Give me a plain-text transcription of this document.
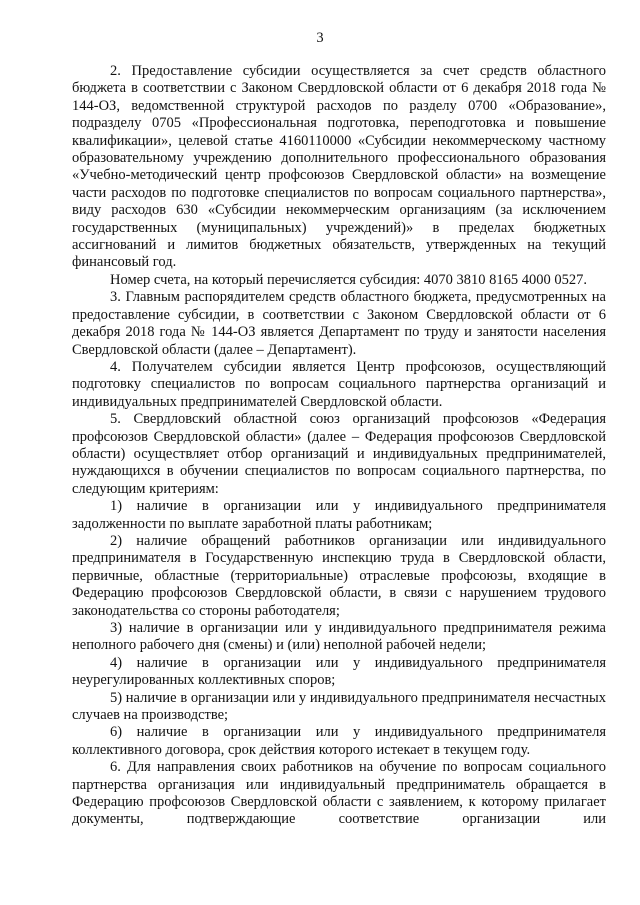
3

2. Предоставление субсидии осуществляется за счет средств областного бюджета в соответствии с Законом Свердловской области от 6 декабря 2018 года № 144-ОЗ, ведомственной структурой расходов по разделу 0700 «Образование», подразделу 0705 «Профессиональная подготовка, переподготовка и повышение квалификации», целевой статье 4160110000 «Субсидии некоммерческому частному образовательному учреждению дополнительного профессионального образования «Учебно-методический центр профсоюзов Свердловской области» на возмещение части расходов по подготовке специалистов по вопросам социального партнерства», виду расходов 630 «Субсидии некоммерческим организациям (за исключением государственных (муниципальных) учреждений)» в пределах бюджетных ассигнований и лимитов бюджетных обязательств, утвержденных на текущий финансовый год.

Номер счета, на который перечисляется субсидия: 4070 3810 8165 4000 0527.

3. Главным распорядителем средств областного бюджета, предусмотренных на предоставление субсидии, в соответствии с Законом Свердловской области от 6 декабря 2018 года № 144-ОЗ является Департамент по труду и занятости населения Свердловской области (далее – Департамент).

4. Получателем субсидии является Центр профсоюзов, осуществляющий подготовку специалистов по вопросам социального партнерства организаций и индивидуальных предпринимателей Свердловской области.

5. Свердловский областной союз организаций профсоюзов «Федерация профсоюзов Свердловской области» (далее – Федерация профсоюзов Свердловской области) осуществляет отбор организаций и индивидуальных предпринимателей, нуждающихся в обучении специалистов по вопросам социального партнерства, по следующим критериям:

1) наличие в организации или у индивидуального предпринимателя задолженности по выплате заработной платы работникам;

2) наличие обращений работников организации или индивидуального предпринимателя в Государственную инспекцию труда в Свердловской области, первичные, областные (территориальные) отраслевые профсоюзы, входящие в Федерацию профсоюзов Свердловской области, в связи с нарушением трудового законодательства со стороны работодателя;

3) наличие в организации или у индивидуального предпринимателя режима неполного рабочего дня (смены) и (или) неполной рабочей недели;

4) наличие в организации или у индивидуального предпринимателя неурегулированных коллективных споров;

5) наличие в организации или у индивидуального предпринимателя несчастных случаев на производстве;

6) наличие в организации или у индивидуального предпринимателя коллективного договора, срок действия которого истекает в текущем году.

6. Для направления своих работников на обучение по вопросам социального партнерства организация или индивидуальный предприниматель обращается в Федерацию профсоюзов Свердловской области с заявлением, к которому прилагает документы, подтверждающие соответствие организации или
